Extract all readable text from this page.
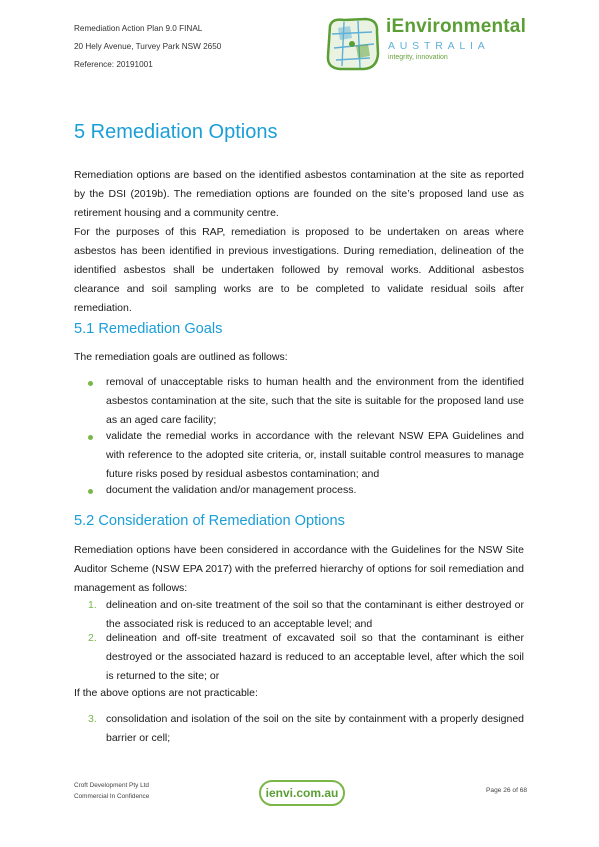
Remediation Action Plan 9.0 FINAL
20 Hely Avenue, Turvey Park NSW 2650
Reference: 20191001
iEnvironmental
AUSTRALIA
integrity, innovation
5 Remediation Options

Remediation options are based on the identified asbestos contamination at the site as reported by the DSI (2019b). The remediation options are founded on the site’s proposed land use as retirement housing and a community centre.

For the purposes of this RAP, remediation is proposed to be undertaken on areas where asbestos has been identified in previous investigations. During remediation, delineation of the identified asbestos shall be undertaken followed by removal works. Additional asbestos clearance and soil sampling works are to be completed to validate residual soils after remediation.

5.1 Remediation Goals

The remediation goals are outlined as follows:

removal of unacceptable risks to human health and the environment from the identified asbestos contamination at the site, such that the site is suitable for the proposed land use as an aged care facility;
validate the remedial works in accordance with the relevant NSW EPA Guidelines and with reference to the adopted site criteria, or, install suitable control measures to manage future risks posed by residual asbestos contamination; and
document the validation and/or management process.
5.2 Consideration of Remediation Options

Remediation options have been considered in accordance with the Guidelines for the NSW Site Auditor Scheme (NSW EPA 2017) with the preferred hierarchy of options for soil remediation and management as follows:

1. delineation and on-site treatment of the soil so that the contaminant is either destroyed or the associated risk is reduced to an acceptable level; and
2. delineation and off-site treatment of excavated soil so that the contaminant is either destroyed or the associated hazard is reduced to an acceptable level, after which the soil is returned to the site; or

If the above options are not practicable:

3. consolidation and isolation of the soil on the site by containment with a properly designed barrier or cell;
Croft Development Pty Ltd
Commercial In Confidence	ienvi.com.au	Page 26 of 68
